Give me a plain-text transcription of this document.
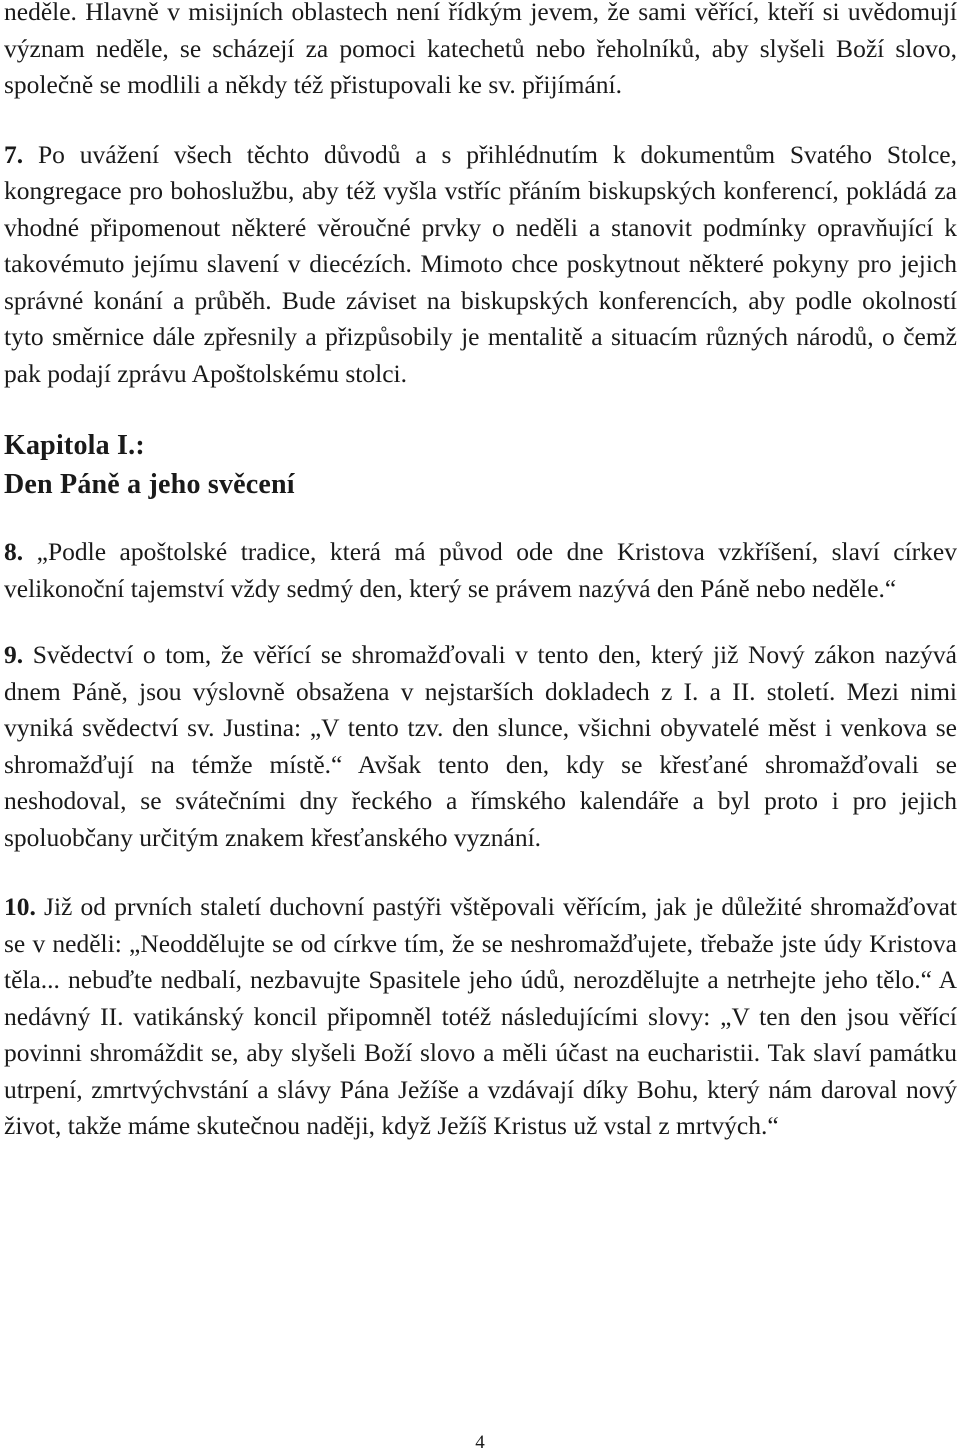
neděle. Hlavně v misijních oblastech není řídkým jevem, že sami věřící, kteří si uvědomují význam neděle, se scházejí za pomoci katechetů nebo řeholníků, aby slyšeli Boží slovo, společně se modlili a někdy též přistupovali ke sv. přijímání.

7. Po uvážení všech těchto důvodů a s přihlédnutím k dokumentům Svatého Stolce, kongregace pro bohoslužbu, aby též vyšla vstříc přáním biskupských konferencí, pokládá za vhodné připomenout některé věroučné prvky o neděli a stanovit podmínky opravňující k takovémuto jejímu slavení v diecézích. Mimoto chce poskytnout některé pokyny pro jejich správné konání a průběh. Bude záviset na biskupských konferencích, aby podle okolností tyto směrnice dále zpřesnily a přizpůsobily je mentalitě a situacím různých národů, o čemž pak podají zprávu Apoštolskému stolci.

Kapitola I.:
Den Páně a jeho svěcení

8. „Podle apoštolské tradice, která má původ ode dne Kristova vzkříšení, slaví církev velikonoční tajemství vždy sedmý den, který se právem nazývá den Páně nebo neděle.“

9. Svědectví o tom, že věřící se shromažďovali v tento den, který již Nový zákon nazývá dnem Páně, jsou výslovně obsažena v nejstarších dokladech z I. a II. století. Mezi nimi vyniká svědectví sv. Justina: „V tento tzv. den slunce, všichni obyvatelé měst i venkova se shromažďují na témže místě.“ Avšak tento den, kdy se křesťané shromažďovali se neshodoval, se svátečními dny řeckého a římského kalendáře a byl proto i pro jejich spoluobčany určitým znakem křesťanského vyznání.

10. Již od prvních staletí duchovní pastýři vštěpovali věřícím, jak je důležité shromažďovat se v neděli: „Neoddělujte se od církve tím, že se neshromažďujete, třebaže jste údy Kristova těla... nebuďte nedbalí, nezbavujte Spasitele jeho údů, nerozdělujte a netrhejte jeho tělo.“ A nedávný II. vatikánský koncil připomněl totéž následujícími slovy: „V ten den jsou věřící povinni shromáždit se, aby slyšeli Boží slovo a měli účast na eucharistii. Tak slaví památku utrpení, zmrtvýchvstání a slávy Pána Ježíše a vzdávají díky Bohu, který nám daroval nový život, takže máme skutečnou naději, když Ježíš Kristus už vstal z mrtvých.“

4
